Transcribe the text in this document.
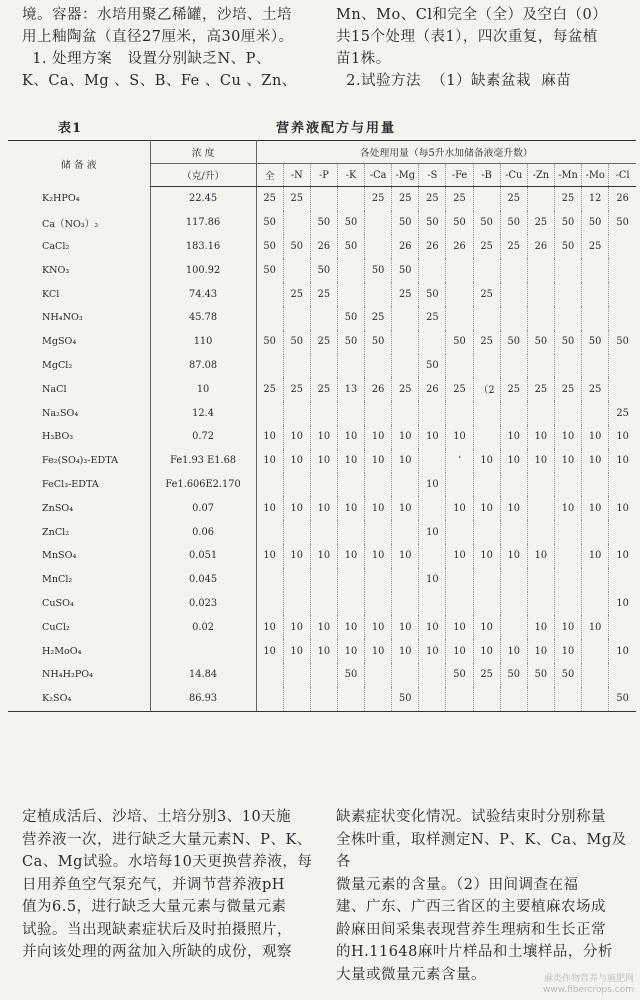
境。容器：水培用聚乙稀罐，沙培、土培

用上釉陶盆（直径27厘米，高30厘米）。

1. 处理方案   设置分别缺乏N、P、

K、Ca、Mg 、S、B、Fe 、Cu 、Zn、

Mn、Mo、Cl和完全（全）及空白（0）

共15个处理（表1），四次重复，每盆植

苗1株。

2.试验方法  （1）缺素盆栽  麻苗

表1	营养液配方与用量
储 备 液	浓 度	各处理用量（每5升水加储备液毫升数）													
	（克/升）	全	-N	-P	-K	-Ca	-Mg	-S	-Fe	-B	-Cu	-Zn	-Mn	-Mo	-Cl
K₂HPO₄	22.45	25	25			25	25	25	25		25		25	12	26
Ca（NO₃）₂	117.86	50		50	50		50	50	50	50	50	25	50	50	50
CaCl₂	183.16	50	50	26	50		26	26	26	25	25	26	50	25	
KNO₃	100.92	50		50		50	50								
KCl	74.43		25	25			25	50		25					
NH₄NO₃	45.78				50	25		25							
MgSO₄	110	50	50	25	50	50			50	25	50	50	50	50	50
MgCl₂	87.08							50							
NaCl	10	25	25	25	13	26	25	26	25	（2	25	25	25	25	
Na₂SO₄	12.4														25
H₃BO₃	0.72	10	10	10	10	10	10	10	10		10	10	10	10	10
Fe₂(SO₄)₃-EDTA	Fe1.93 E1.68	10	10	10	10	10	10		‘	10	10	10	10	10	10
FeCl₃-EDTA	Fe1.606E2.170							10							
ZnSO₄	0.07	10	10	10	10	10	10		10	10	10		10	10	10
ZnCl₂	0.06							10							
MnSO₄	0.051	10	10	10	10	10	10		10	10	10	10		10	10
MnCl₂	0.045							10							
CuSO₄	0.023														10
CuCl₂	0.02	10	10	10	10	10	10	10	10	10		10	10	10	
H₂MoO₄		10	10	10	10	10	10	10	10	10	10	10	10		10
NH₄H₂PO₄	14.84				50				50	25	50	50	50		
K₂SO₄	86.93						50								50

定植成活后、沙培、土培分别3、10天施

营养液一次，进行缺乏大量元素N、P、K、

Ca、Mg试验。水培每10天更换营养液，每

日用养鱼空气泵充气，并调节营养液pH

值为6.5，进行缺乏大量元素与微量元素

试验。当出现缺素症状后及时拍摄照片，

并向该处理的两盆加入所缺的成份，观察

缺素症状变化情况。试验结束时分别称量

全株叶重，取样测定N、P、K、Ca、Mg及各

微量元素的含量。（2）田间调查在福

建、广东、广西三省区的主要植麻农场成

龄麻田间采集表现营养生理病和生长正常

的H.11648麻叶片样品和土壤样品，分析

大量或微量元素含量。	麻类作物营养与施肥网
www.fibercrops.com
